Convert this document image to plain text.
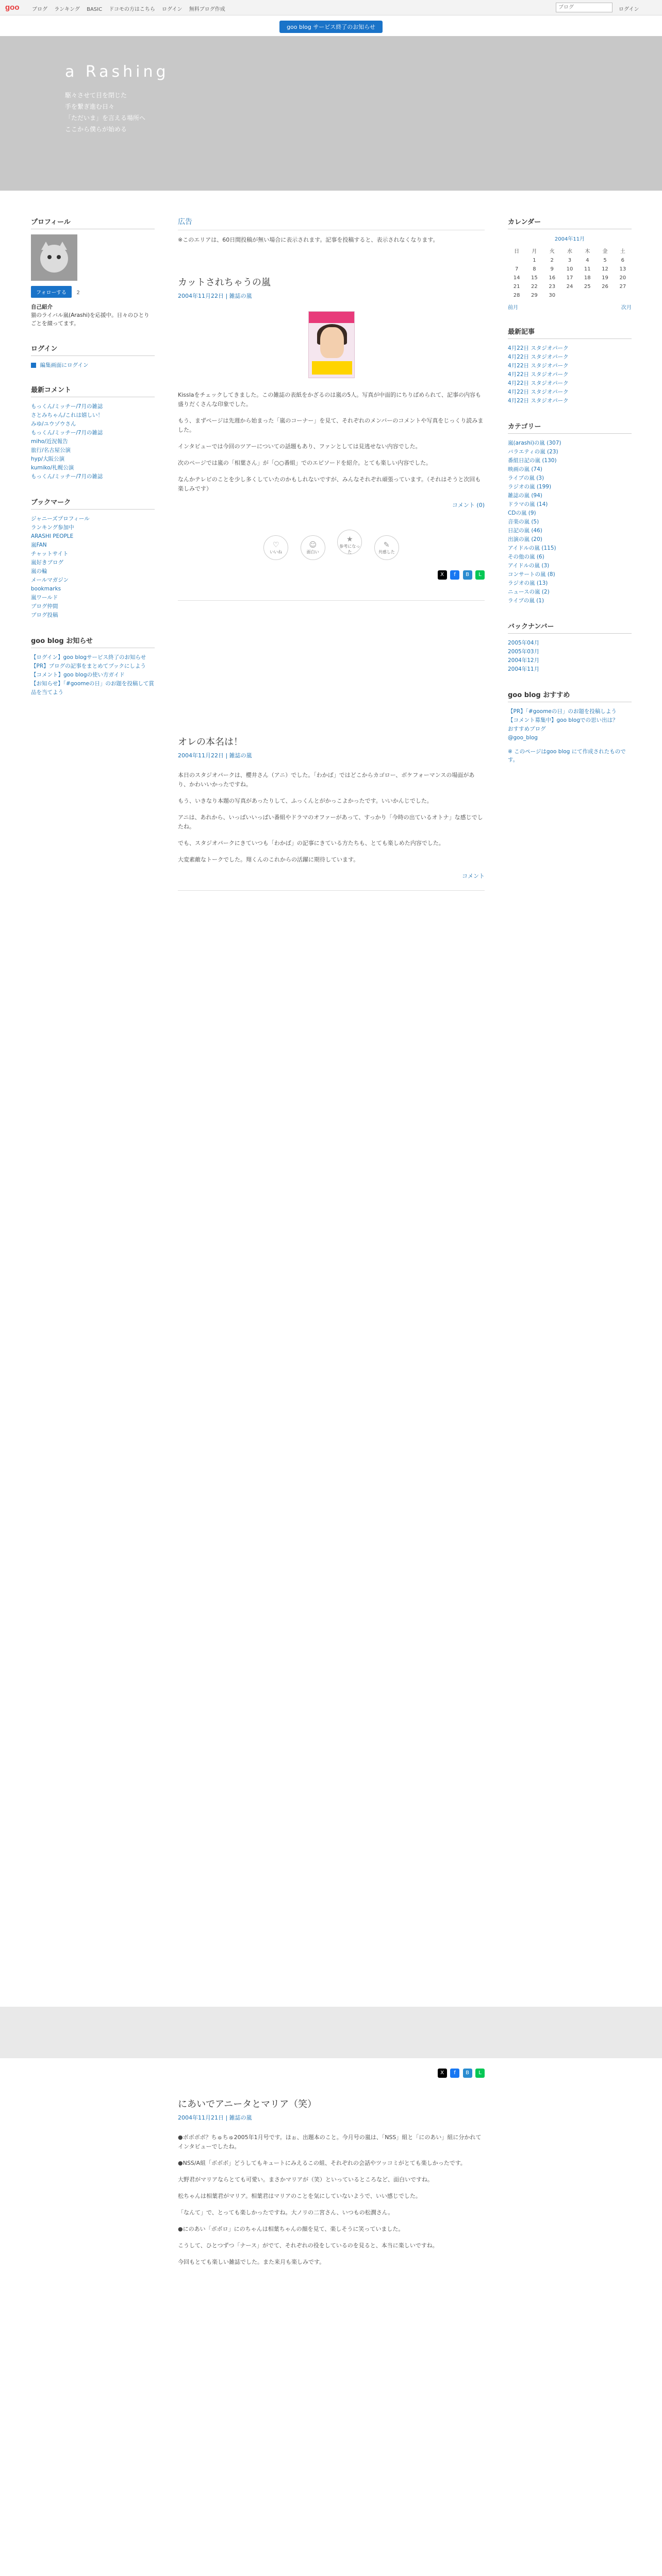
goo ブログ ランキング BASIC ドコモの方はこちら ログイン 無料ブログ作成
ブログ	ログイン
goo blog サービス終了のお知らせ
a Rashing
駆々させて目を閉じた
手を繋ぎ進む日々
「ただいま」を言える場所へ
ここから僕らが始める
プロフィール
フォローする 2

自己紹介

猫のライバル嵐(Arashi)を応援中。日々のひとりごとを綴ってます。

ログイン
編集画面にログイン
最新コメント
もっくん/ミッチー/7月の雑誌
さとみちゃん/これは嬉しい！
みゆ/ユウゾウさん
もっくん/ミッチー/7月の雑誌
miho/近況報告
旅行/名古屋公演
hyp/大阪公演
kumiko/札幌公演
もっくん/ミッチー/7月の雑誌
ブックマーク
ジャニーズプロフィール
ランキング参加中
ARASHI PEOPLE
嵐FAN
チャットサイト
嵐好きブログ
嵐の輪
メールマガジン
bookmarks
嵐ワールド
ブログ仲間
ブログ投稿
goo blog お知らせ
【ログイン】goo blogサービス終了のお知らせ
【PR】ブログの記事をまとめてブックにしよう
【コメント】goo blogの使い方ガイド
【お知らせ】「#goomeの日」のお題を投稿して賞品を当てよう
広告

※このエリアは、60日間投稿が無い場合に表示されます。記事を投稿すると、表示されなくなります。

カットされちゃうの嵐
2004年11月22日 | 雑誌の嵐

Kisslaをチェックしてきました。この雑誌の表紙をかざるのは嵐の5人。写真が中面的にちりばめられて、記事の内容も盛りだくさんな印象でした。

もう、まずページは先週から始まった「嵐のコーナー」を見て、それぞれのメンバーのコメントや写真をじっくり読みました。

インタビューでは今回のツアーについての話題もあり、ファンとしては見逃せない内容でした。

次のページでは嵐の「相葉さん」が「○○番組」でのエピソードを紹介。とても楽しい内容でした。

なんかテレビのことを少し多くしていたのかもしれないですが、みんなそれぞれ頑張っています。（それはそうと次回も楽しみです）

コメント (0)
♡
いいね
☺
面白い
★
参考になった
✎
共感した
X f B L
オレの本名は！
2004年11月22日 | 雑誌の嵐

本日のスタジオパークは、櫻井さん（アニ）でした。「わかば」ではどこからカゴロー、ボケフォーマンスの場面があり、かわいいかったですね。

もう、いきなり本題の写真があったりして、ふっくんとがかっこよかったです。いいかんじでした。

アニは、あれから、いっぱいいっぱい番組やドラマのオファーがあって、すっかり「今時の出ているオトナ」な感じでしたね。

でも、スタジオパークにきていつも「わかば」の記事にきている方たちも、とても楽しめた内容でした。

大変素敵なトークでした。翔くんのこれからの活躍に期待しています。

コメント
カレンダー
2004年11月
日	月	火	水	木	金	土
	1	2	3	4	5	6
7	8	9	10	11	12	13
14	15	16	17	18	19	20
21	22	23	24	25	26	27
28	29	30				
前月	次月
最新記事
4月22日 スタジオパーク
4月22日 スタジオパーク
4月22日 スタジオパーク
4月22日 スタジオパーク
4月22日 スタジオパーク
4月22日 スタジオパーク
4月22日 スタジオパーク
カテゴリー
嵐(arashi)の嵐 (307)
バラエティの嵐 (23)
番組日記の嵐 (130)
映画の嵐 (74)
ライブの嵐 (3)
ラジオの嵐 (199)
雑誌の嵐 (94)
ドラマの嵐 (14)
CDの嵐 (9)
音楽の嵐 (5)
日記の嵐 (46)
出演の嵐 (20)
アイドルの嵐 (115)
その他の嵐 (6)
アイドルの嵐 (3)
コンサートの嵐 (8)
ラジオの嵐 (13)
ニュースの嵐 (2)
ライブの嵐 (1)
バックナンバー
2005年04月
2005年03月
2004年12月
2004年11月
goo blog おすすめ
【PR】「#goomeの日」のお題を投稿しよう
【コメント募集中】goo blogでの思い出は？
おすすめブログ
@goo_blog

※ このページはgoo blog にて作成されたものです。

X f B L
にあいでアニータとマリア（笑）
2004年11月21日 | 雑誌の嵐

●ボボボボ？ちゅちゅ2005年1月号です。ほぉ、出題本のこと。今月号の嵐は、「NSS」組と「にのあい」組に分かれてインタビューでしたね。

●NSS/A組「ボボボ」どうしてもキュートにみえるこの組、それぞれの会話やツッコミがとても楽しかったです。

大野君がマリアならとても可愛い。まさかマリアが（笑）といっているところなど、面白いですね。

松ちゃんは相葉君がマリア。相葉君はマリアのことを気にしていないようで、いい感じでした。

「なんて」で、とっても楽しかったですね。大ノリの二宮さん、いつもの松潤さん。

●にのあい「ボボロ」にのちゃんは相葉ちゃんの顔を見て、楽しそうに笑っていました。

こうして、ひとつずつ「ナース」がでて、それぞれの役をしているのを見ると、本当に楽しいですね。

今回もとても楽しい雑誌でした。また来月も楽しみです。
